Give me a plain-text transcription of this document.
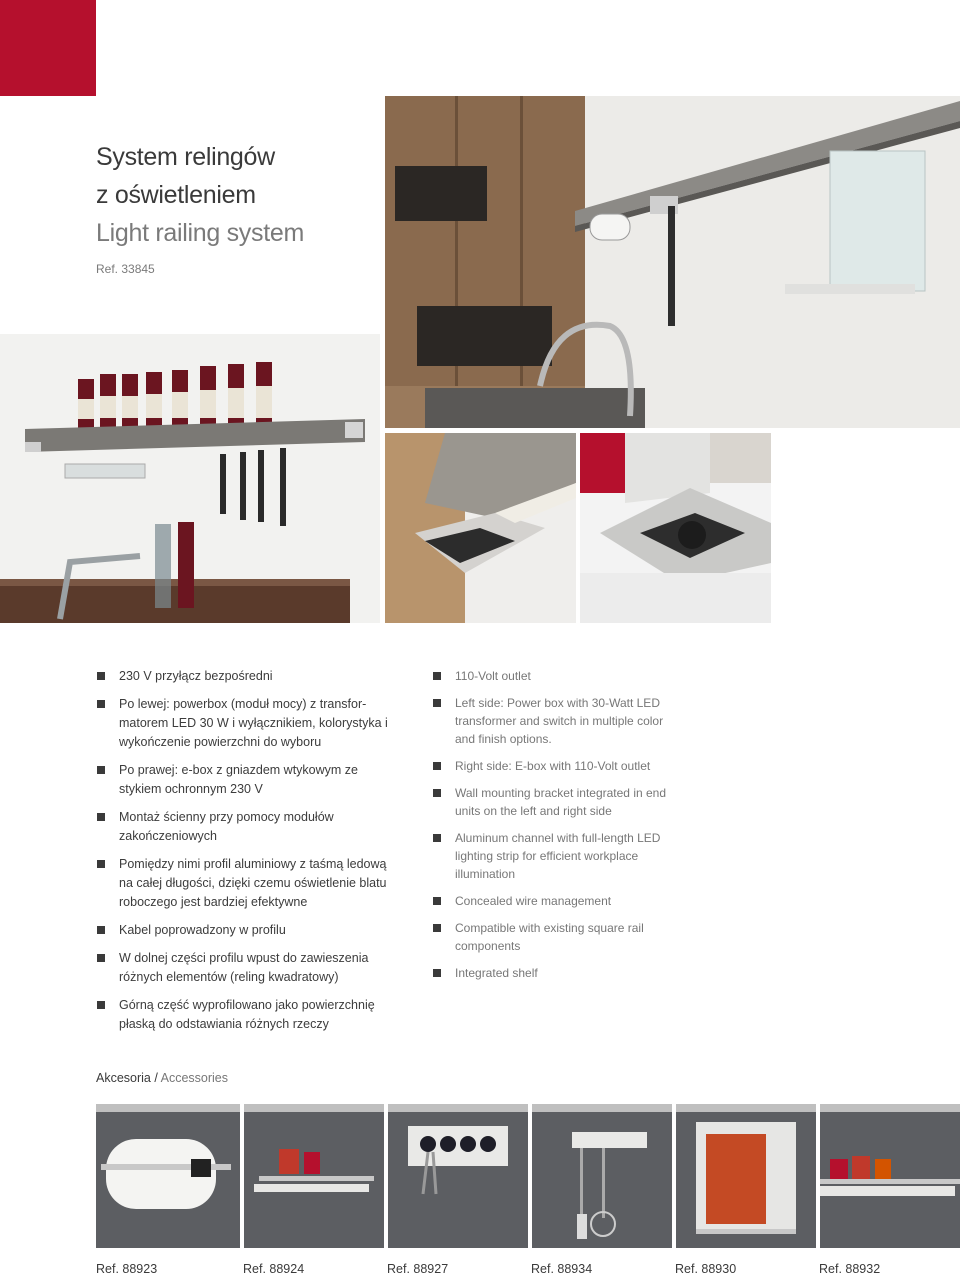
System relingów
z oświetleniem
Light railing system
Ref. 33845
230 V przyłącz bezpośredni
Po lewej: powerbox (moduł mocy) z transfor-matorem LED 30 W i wyłącznikiem, kolorystyka i wykończenie powierzchni do wyboru
Po prawej: e-box z gniazdem wtykowym ze stykiem ochronnym 230 V
Montaż ścienny przy pomocy modułów zakończeniowych
Pomiędzy nimi profil aluminiowy z taśmą ledową na całej długości, dzięki czemu oświetlenie blatu roboczego jest bardziej efektywne
Kabel poprowadzony w profilu
W dolnej części profilu wpust do zawieszenia różnych elementów (reling kwadratowy)
Górną część wyprofilowano jako powierzchnię płaską do odstawiania różnych rzeczy
110-Volt outlet
Left side: Power box with 30-Watt LED transformer and switch in multiple color and finish options.
Right side: E-box with 110-Volt outlet
Wall mounting bracket integrated in end units on the left and right side
Aluminum channel with full-length LED lighting strip for efficient workplace illumination
Concealed wire management
Compatible with existing square rail components
Integrated shelf
Akcesoria / Accessories
Ref. 88923	Ref. 88924	Ref. 88927	Ref. 88934	Ref. 88930	Ref. 88932
